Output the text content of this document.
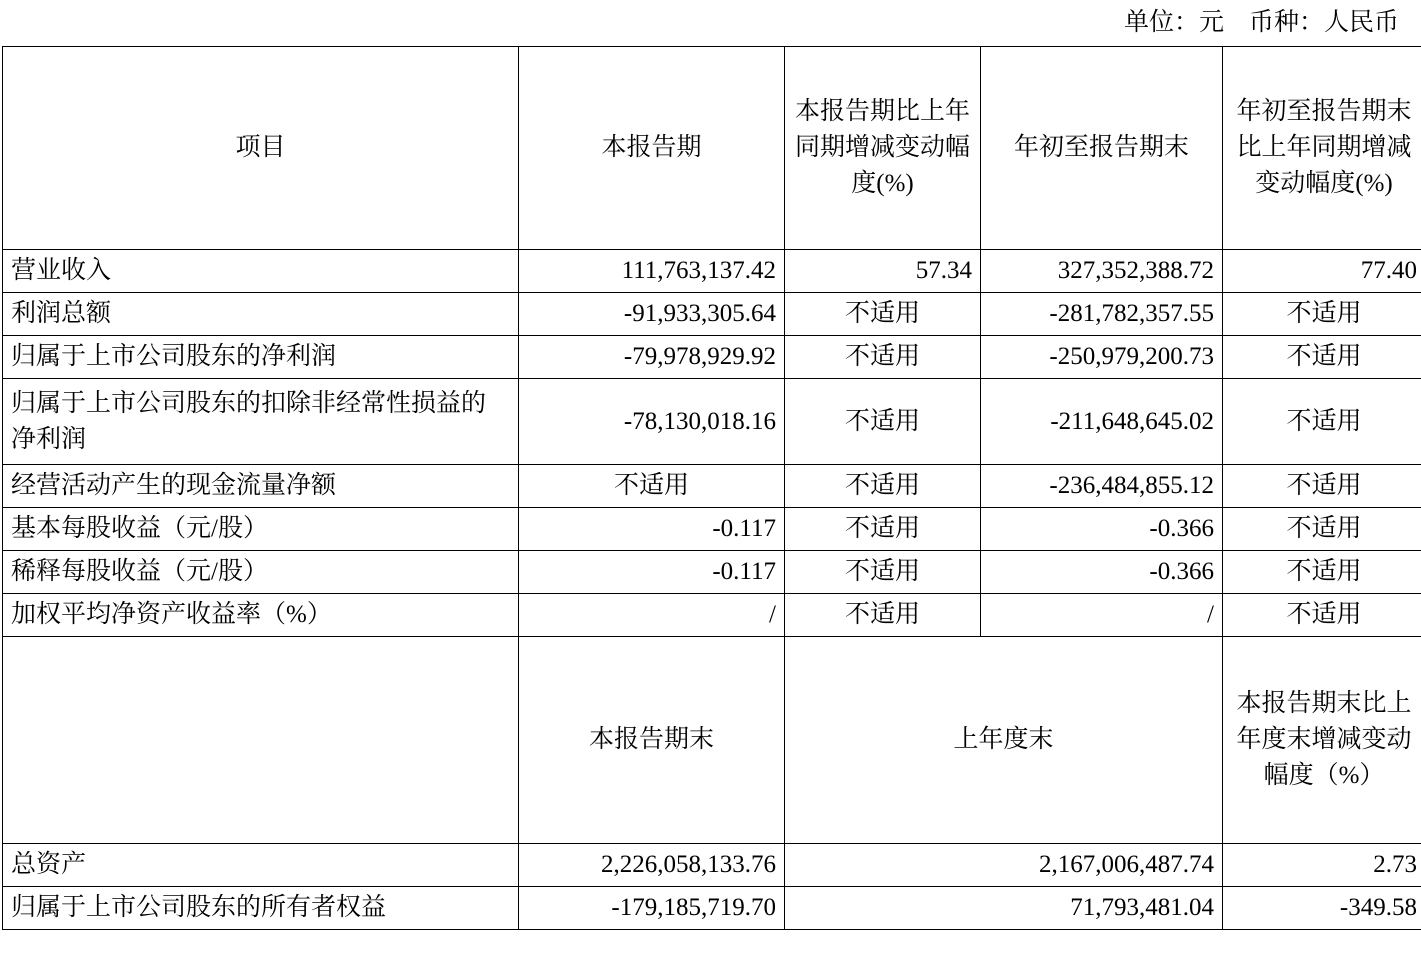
单位：元    币种：人民币
项目	本报告期	本报告期比上年同期增减变动幅度(%)	年初至报告期末	年初至报告期末比上年同期增减变动幅度(%)
营业收入	111,763,137.42	57.34	327,352,388.72	77.40
利润总额	-91,933,305.64	不适用	-281,782,357.55	不适用
归属于上市公司股东的净利润	-79,978,929.92	不适用	-250,979,200.73	不适用
归属于上市公司股东的扣除非经常性损益的净利润	-78,130,018.16	不适用	-211,648,645.02	不适用
经营活动产生的现金流量净额	不适用	不适用	-236,484,855.12	不适用
基本每股收益（元/股）	-0.117	不适用	-0.366	不适用
稀释每股收益（元/股）	-0.117	不适用	-0.366	不适用
加权平均净资产收益率（%）	/	不适用	/	不适用
	本报告期末	上年度末		本报告期末比上年度末增减变动幅度（%）
总资产	2,226,058,133.76	2,167,006,487.74		2.73
归属于上市公司股东的所有者权益	-179,185,719.70	71,793,481.04		-349.58
